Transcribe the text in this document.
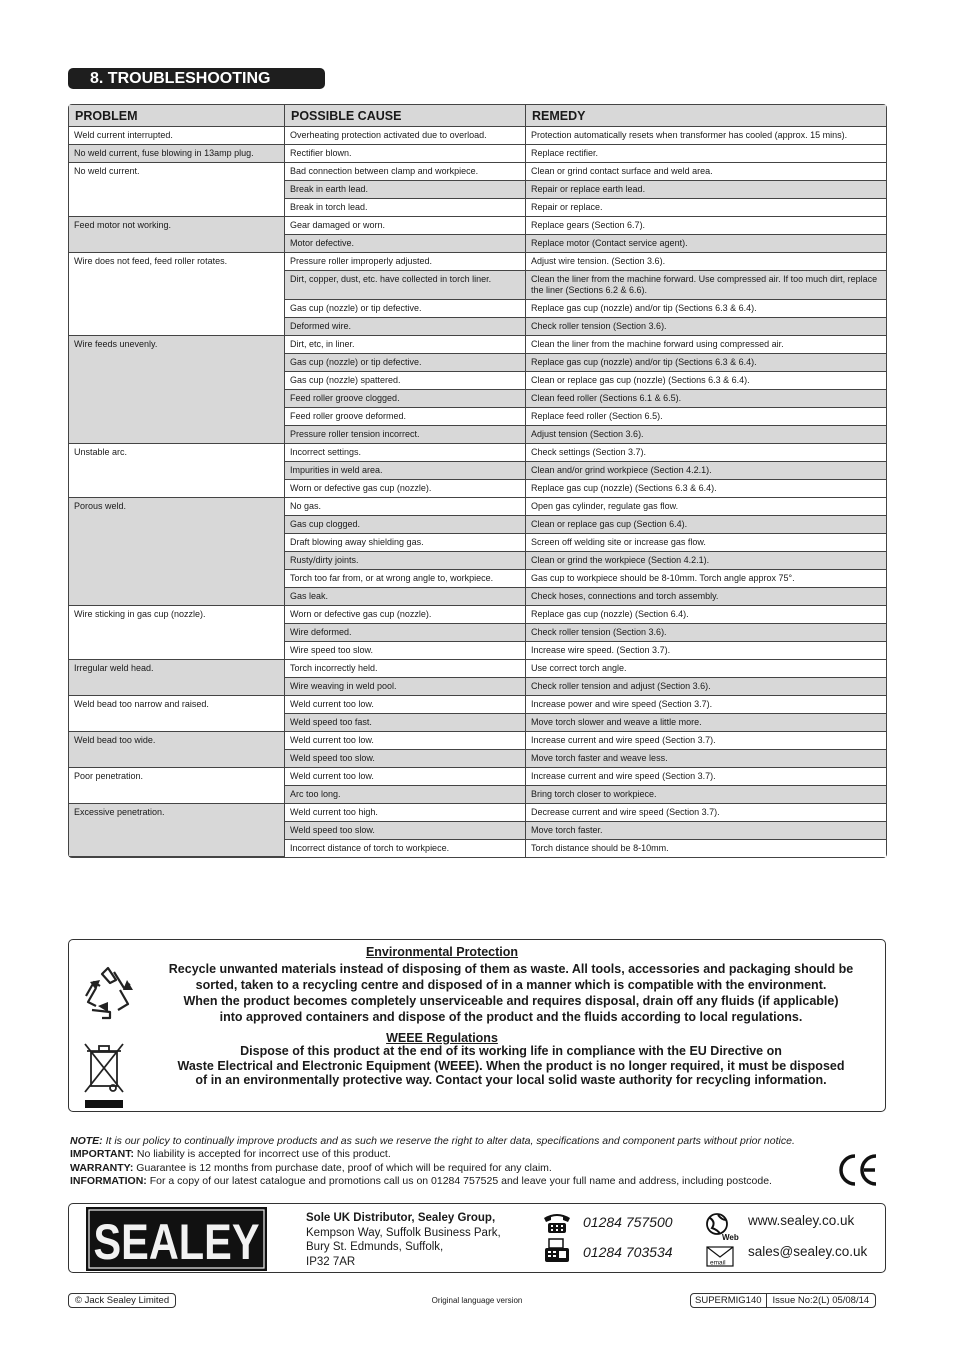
8. TROUBLESHOOTING
PROBLEM	POSSIBLE CAUSE	REMEDY
Weld current interrupted.	Overheating protection activated due to overload.	Protection automatically resets when transformer has cooled (approx. 15 mins).
No weld current, fuse blowing in 13amp plug.	Rectifier blown.	Replace rectifier.
No weld current.	Bad connection between clamp and workpiece.	Clean or grind contact surface and weld area.
	Break in earth lead.	Repair or replace earth lead.
	Break in torch lead.	Repair or replace.
Feed motor not working.	Gear damaged or worn.	Replace gears (Section 6.7).
	Motor defective.	Replace motor (Contact service agent).
Wire does not feed, feed roller rotates.	Pressure roller improperly adjusted.	Adjust wire tension. (Section 3.6).
	Dirt, copper, dust, etc. have collected in torch liner.	Clean the liner from the machine forward. Use compressed air. If too much dirt, replace the liner (Sections 6.2 & 6.6).
	Gas cup (nozzle) or tip defective.	Replace gas cup (nozzle) and/or tip (Sections 6.3 & 6.4).
	Deformed wire.	Check roller tension (Section 3.6).
Wire feeds unevenly.	Dirt, etc, in liner.	Clean the liner from the machine forward using compressed air.
	Gas cup (nozzle) or tip defective.	Replace gas cup (nozzle) and/or tip (Sections 6.3 & 6.4).
	Gas cup (nozzle) spattered.	Clean or replace gas cup (nozzle) (Sections 6.3 & 6.4).
	Feed roller groove clogged.	Clean feed roller (Sections 6.1 & 6.5).
	Feed roller groove deformed.	Replace feed roller (Section 6.5).
	Pressure roller tension incorrect.	Adjust tension (Section 3.6).
Unstable arc.	Incorrect settings.	Check settings (Section 3.7).
	Impurities in weld area.	Clean and/or grind workpiece (Section 4.2.1).
	Worn or defective gas cup (nozzle).	Replace gas cup (nozzle) (Sections 6.3 & 6.4).
Porous weld.	No gas.	Open gas cylinder, regulate gas flow.
	Gas cup clogged.	Clean or replace gas cup (Section 6.4).
	Draft blowing away shielding gas.	Screen off welding site or increase gas flow.
	Rusty/dirty joints.	Clean or grind the workpiece (Section 4.2.1).
	Torch too far from, or at wrong angle to, workpiece.	Gas cup to workpiece should be 8-10mm. Torch angle approx 75°.
	Gas leak.	Check hoses, connections and torch assembly.
Wire sticking in gas cup (nozzle).	Worn or defective gas cup (nozzle).	Replace gas cup (nozzle) (Section 6.4).
	Wire deformed.	Check roller tension (Section 3.6).
	Wire speed too slow.	Increase wire speed. (Section 3.7).
Irregular weld head.	Torch incorrectly held.	Use correct torch angle.
	Wire weaving in weld pool.	Check roller tension and adjust (Section 3.6).
Weld bead too narrow and raised.	Weld current too low.	Increase power and wire speed (Section 3.7).
	Weld speed too fast.	Move torch slower and weave a little more.
Weld bead too wide.	Weld current too low.	Increase current and wire speed (Section 3.7).
	Weld speed too slow.	Move torch faster and weave less.
Poor penetration.	Weld current too low.	Increase current and wire speed (Section 3.7).
	Arc too long.	Bring torch closer to workpiece.
Excessive penetration.	Weld current too high.	Decrease current and wire speed (Section 3.7).
	Weld speed too slow.	Move torch faster.
	Incorrect distance of torch to workpiece.	Torch distance should be 8-10mm.
Environmental Protection
Recycle unwanted materials instead of disposing of them as waste. All tools, accessories and packaging should be
sorted, taken to a recycling centre and disposed of in a manner which is compatible with the environment.
When the product becomes completely unserviceable and requires disposal, drain off any fluids (if applicable)
into approved containers and dispose of the product and the fluids according to local regulations.
WEEE Regulations
Dispose of this product at the end of its working life in compliance with the EU Directive on
Waste Electrical and Electronic Equipment (WEEE). When the product is no longer required, it must be disposed
of in an environmentally protective way. Contact your local solid waste authority for recycling information.
NOTE: It is our policy to continually improve products and as such we reserve the right to alter data, specifications and component parts without prior notice.
IMPORTANT: No liability is accepted for incorrect use of this product.
WARRANTY: Guarantee is 12 months from purchase date, proof of which will be required for any claim.
INFORMATION: For a copy of our latest catalogue and promotions call us on 01284 757525 and leave your full name and address, including postcode.
SEALEY	Sole UK Distributor, Sealey Group,
Kempson Way, Suffolk Business Park,
Bury St. Edmunds, Suffolk,
IP32 7AR
01284 757500
01284 703534
Web
email
www.sealey.co.uk
sales@sealey.co.uk
© Jack Sealey Limited	Original language version	SUPERMIG140	Issue No:2(L) 05/08/14
